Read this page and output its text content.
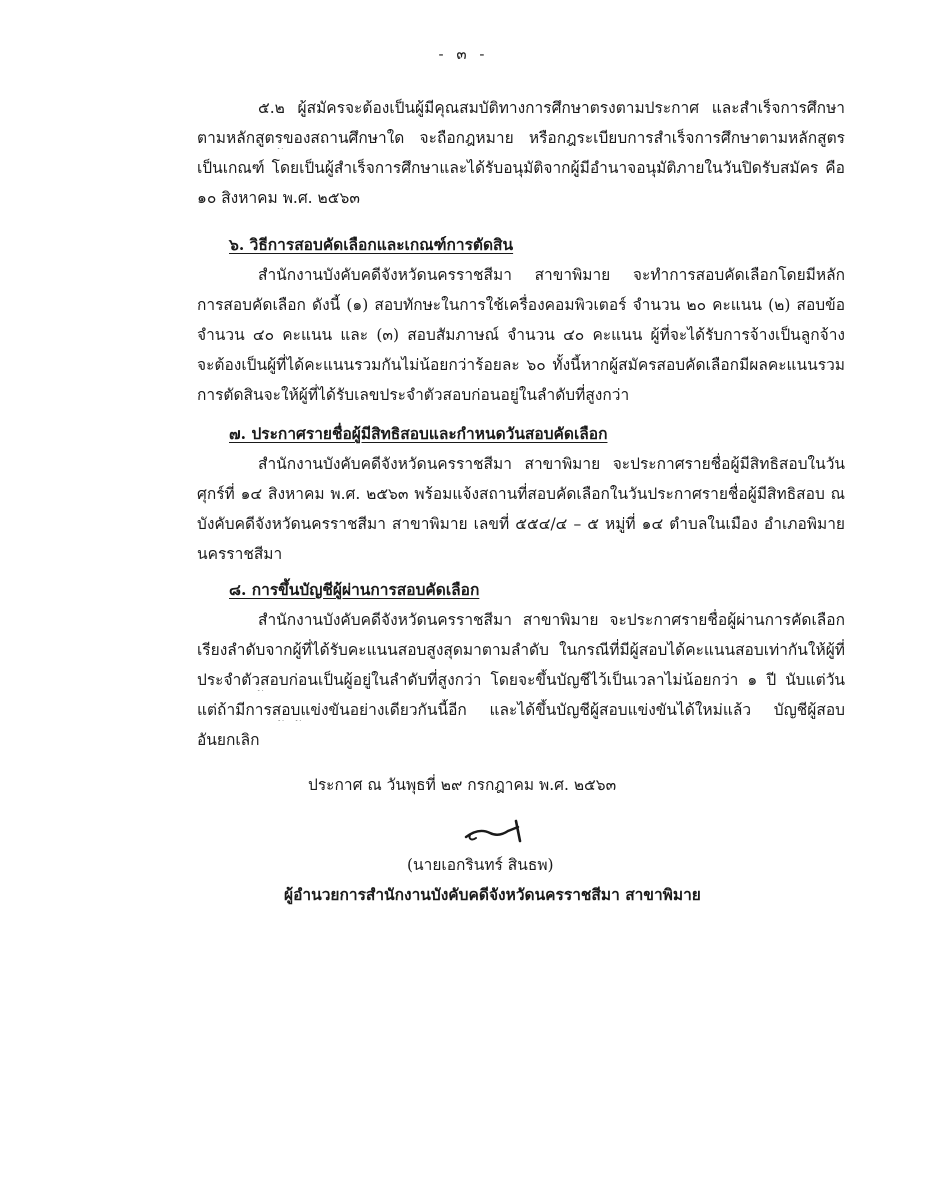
- ๓ -
๕.๒ ผู้สมัครจะต้องเป็นผู้มีคุณสมบัติทางการศึกษาตรงตามประกาศ และสำเร็จการศึกษา
ตามหลักสูตรของสถานศึกษาใด จะถือกฎหมาย หรือกฎระเบียบการสำเร็จการศึกษาตามหลักสูตร
เป็นเกณฑ์ โดยเป็นผู้สำเร็จการศึกษาและได้รับอนุมัติจากผู้มีอำนาจอนุมัติภายในวันปิดรับสมัคร คือ
๑๐ สิงหาคม พ.ศ. ๒๕๖๓
๖. วิธีการสอบคัดเลือกและเกณฑ์การตัดสิน
สำนักงานบังคับคดีจังหวัดนครราชสีมา สาขาพิมาย จะทำการสอบคัดเลือกโดยมีหลัก
การสอบคัดเลือก ดังนี้ (๑) สอบทักษะในการใช้เครื่องคอมพิวเตอร์ จำนวน ๒๐ คะแนน (๒) สอบข้อ
จำนวน ๔๐ คะแนน และ (๓) สอบสัมภาษณ์ จำนวน ๔๐ คะแนน ผู้ที่จะได้รับการจ้างเป็นลูกจ้าง
จะต้องเป็นผู้ที่ได้คะแนนรวมกันไม่น้อยกว่าร้อยละ ๖๐ ทั้งนี้หากผู้สมัครสอบคัดเลือกมีผลคะแนนรวม
การตัดสินจะให้ผู้ที่ได้รับเลขประจำตัวสอบก่อนอยู่ในลำดับที่สูงกว่า
๗. ประกาศรายชื่อผู้มีสิทธิสอบและกำหนดวันสอบคัดเลือก
สำนักงานบังคับคดีจังหวัดนครราชสีมา สาขาพิมาย จะประกาศรายชื่อผู้มีสิทธิสอบในวัน
ศุกร์ที่ ๑๔ สิงหาคม พ.ศ. ๒๕๖๓ พร้อมแจ้งสถานที่สอบคัดเลือกในวันประกาศรายชื่อผู้มีสิทธิสอบ ณ
บังคับคดีจังหวัดนครราชสีมา สาขาพิมาย เลขที่ ๕๕๔/๔ – ๕ หมู่ที่ ๑๔ ตำบลในเมือง อำเภอพิมาย
นครราชสีมา
๘. การขึ้นบัญชีผู้ผ่านการสอบคัดเลือก
สำนักงานบังคับคดีจังหวัดนครราชสีมา สาขาพิมาย จะประกาศรายชื่อผู้ผ่านการคัดเลือก
เรียงลำดับจากผู้ที่ได้รับคะแนนสอบสูงสุดมาตามลำดับ ในกรณีที่มีผู้สอบได้คะแนนสอบเท่ากันให้ผู้ที่
ประจำตัวสอบก่อนเป็นผู้อยู่ในลำดับที่สูงกว่า โดยจะขึ้นบัญชีไว้เป็นเวลาไม่น้อยกว่า ๑ ปี นับแต่วัน
แต่ถ้ามีการสอบแข่งขันอย่างเดียวกันนี้อีก และได้ขึ้นบัญชีผู้สอบแข่งขันได้ใหม่แล้ว บัญชีผู้สอบ
อันยกเลิก
ประกาศ ณ วันพุธที่ ๒๙ กรกฎาคม พ.ศ. ๒๕๖๓
(นายเอกรินทร์ สินธพ)
ผู้อำนวยการสำนักงานบังคับคดีจังหวัดนครราชสีมา สาขาพิมาย
